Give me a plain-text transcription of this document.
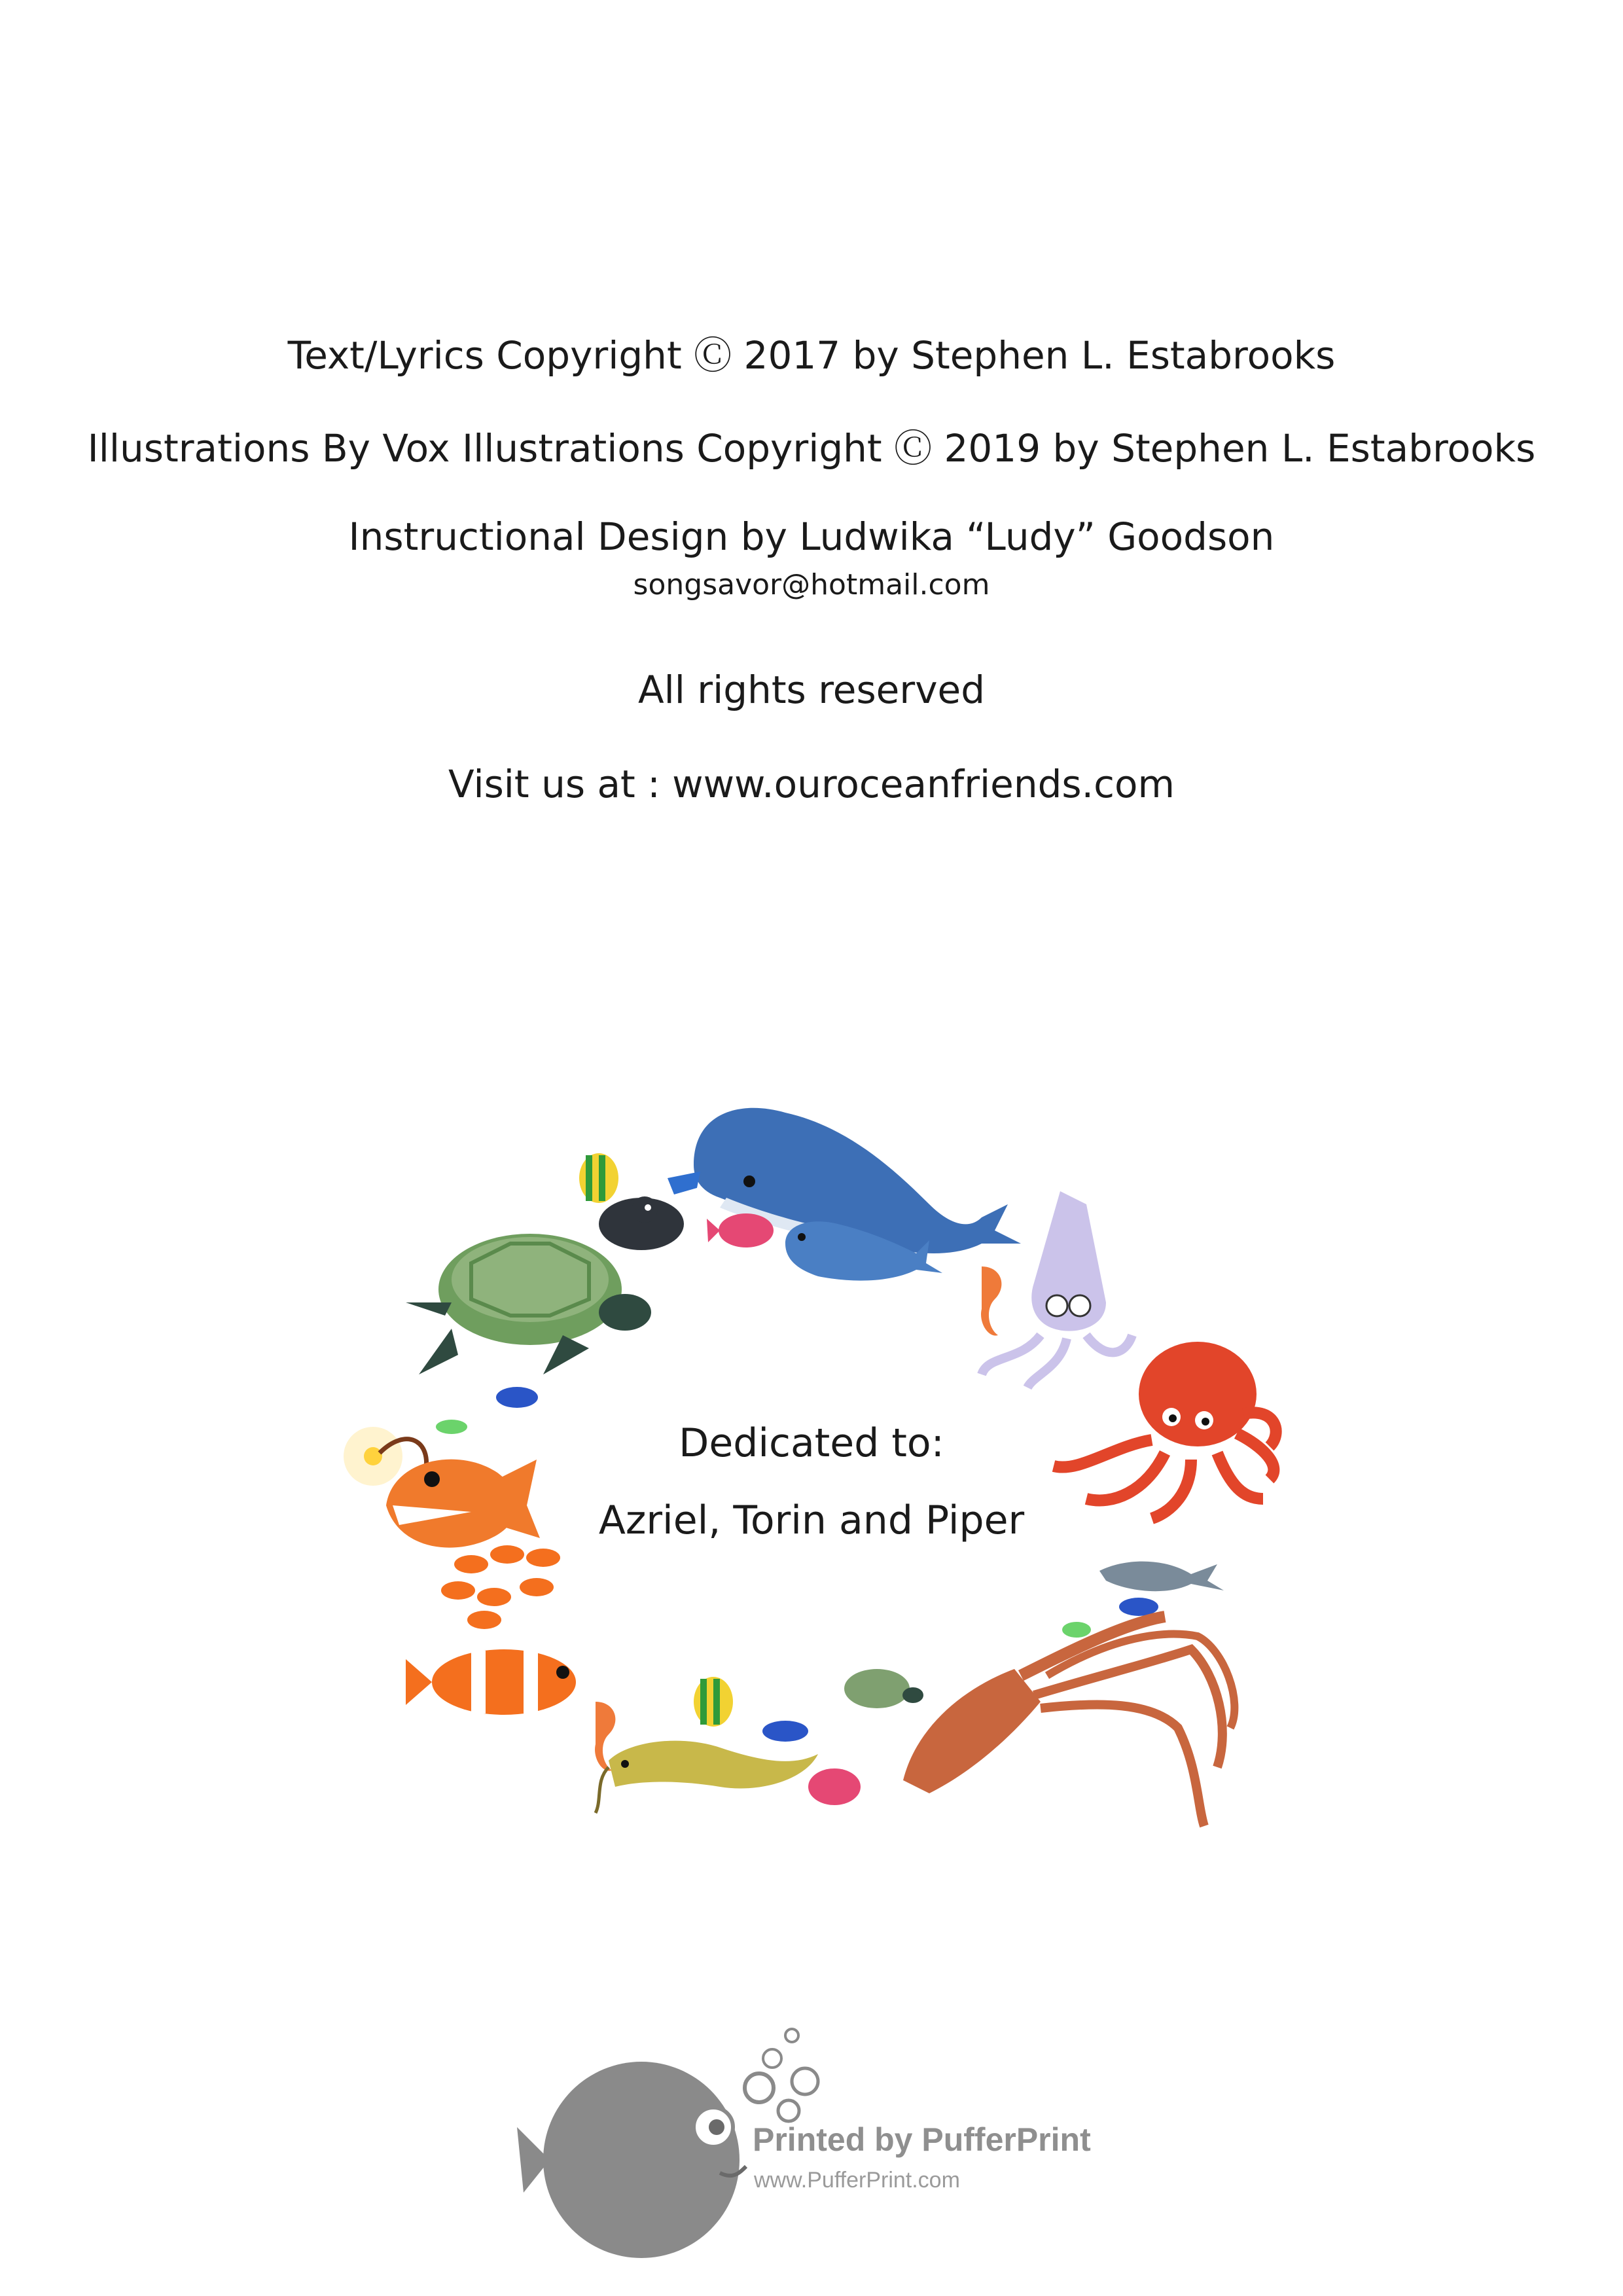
Text/Lyrics Copyright Ⓒ 2017 by Stephen L. Estabrooks
Illustrations By Vox Illustrations Copyright Ⓒ 2019 by Stephen L. Estabrooks
Instructional Design by Ludwika “Ludy” Goodson
songsavor@hotmail.com
All rights reserved
Visit us at : www.ouroceanfriends.com
Dedicated to:
Azriel, Torin and Piper
Printed by PufferPrint
www.PufferPrint.com
